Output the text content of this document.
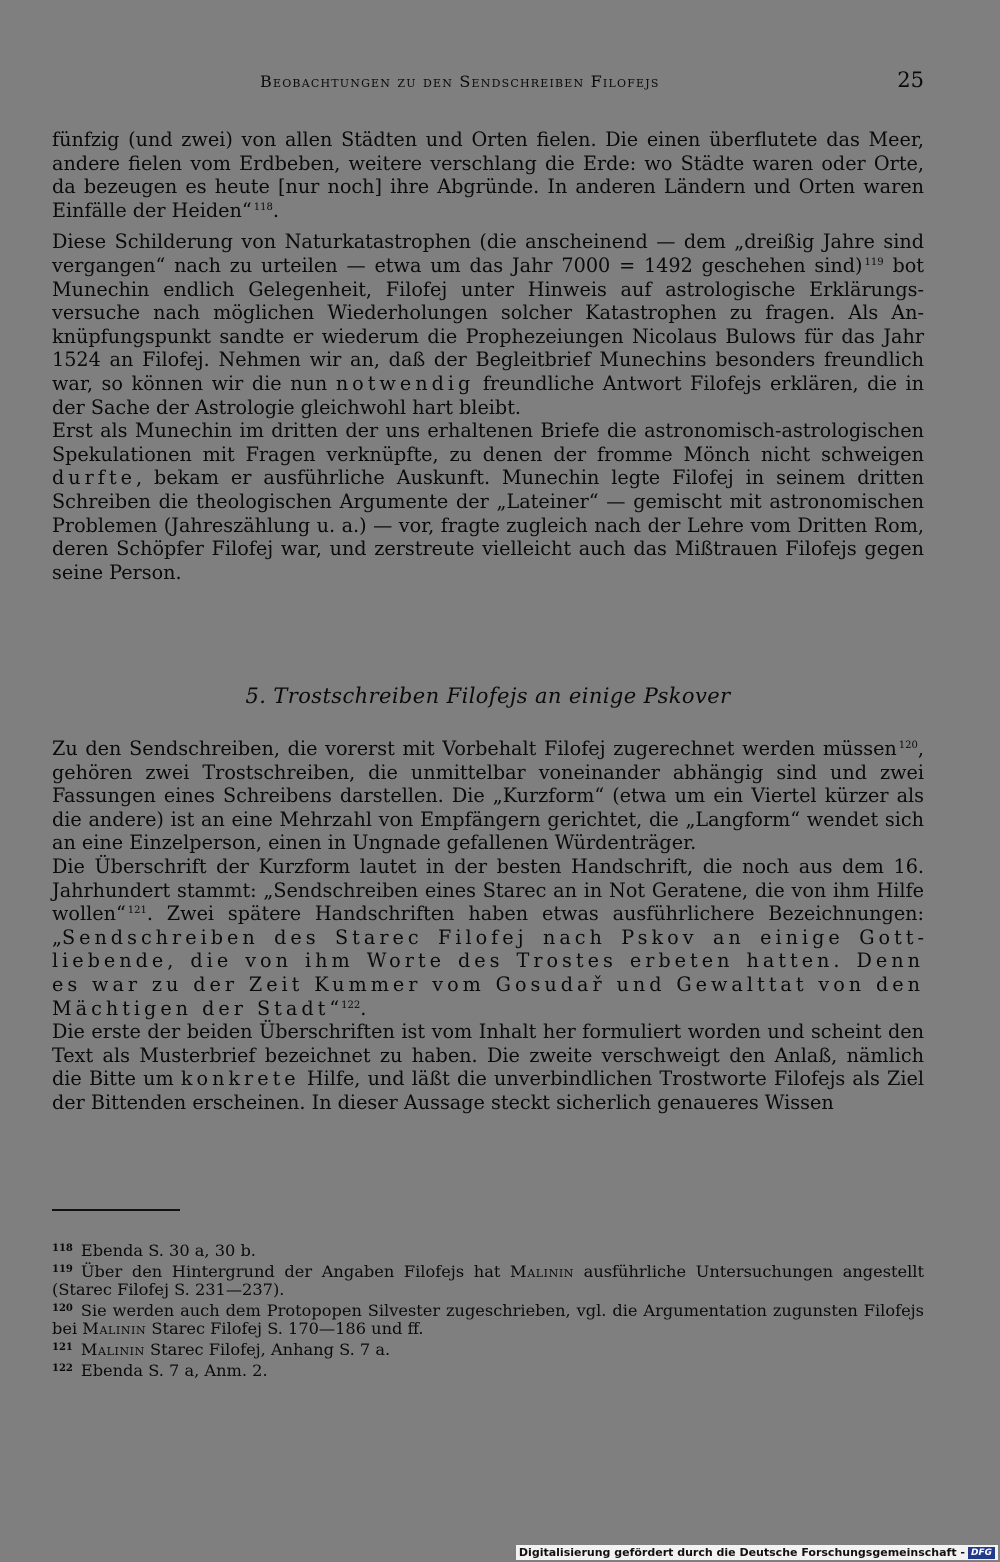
Beobachtungen zu den Sendschreiben Filofejs	25

fünfzig (und zwei) von allen Städten und Orten fielen. Die einen überflutete das Meer, andere fielen vom Erdbeben, weitere verschlang die Erde: wo Städte waren oder Orte, da bezeugen es heute [nur noch] ihre Abgründe. In anderen Ländern und Orten waren Einfälle der Heiden“ $^{118}$.

Diese Schilderung von Naturkatastrophen (die anscheinend — dem „dreißig Jahre sind vergangen“ nach zu urteilen — etwa um das Jahr 7000 = 1492 geschehen sind) $^{119}$ bot Munechin endlich Gelegenheit, Filofej unter Hinweis auf astrologische Erklärungsversuche nach möglichen Wiederholungen solcher Katastrophen zu fragen. Als Anknüpfungspunkt sandte er wiederum die Prophezeiungen Nicolaus Bulows für das Jahr 1524 an Filofej. Nehmen wir an, daß der Begleitbrief Munechins besonders freundlich war, so können wir die nun notwendig freundliche Antwort Filofejs erklären, die in der Sache der Astrologie gleichwohl hart bleibt.

Erst als Munechin im dritten der uns erhaltenen Briefe die astronomisch-astrologischen Spekulationen mit Fragen verknüpfte, zu denen der fromme Mönch nicht schweigen durfte, bekam er ausführliche Auskunft. Munechin legte Filofej in seinem dritten Schreiben die theologischen Argumente der „Lateiner“ — gemischt mit astronomischen Problemen (Jahreszählung u. a.) — vor, fragte zugleich nach der Lehre vom Dritten Rom, deren Schöpfer Filofej war, und zerstreute vielleicht auch das Mißtrauen Filofejs gegen seine Person.

5. Trostschreiben Filofejs an einige Pskover

Zu den Sendschreiben, die vorerst mit Vorbehalt Filofej zugerechnet werden müssen $^{120}$, gehören zwei Trostschreiben, die unmittelbar voneinander abhängig sind und zwei Fassungen eines Schreibens darstellen. Die „Kurzform“ (etwa um ein Viertel kürzer als die andere) ist an eine Mehrzahl von Empfängern gerichtet, die „Langform“ wendet sich an eine Einzelperson, einen in Ungnade gefallenen Würdenträger.

Die Überschrift der Kurzform lautet in der besten Handschrift, die noch aus dem 16. Jahrhundert stammt: „Sendschreiben eines Starec an in Not Geratene, die von ihm Hilfe wollen“ $^{121}$. Zwei spätere Handschriften haben etwas ausführlichere Bezeichnungen: „Sendschreiben des Starec Filofej nach Pskov an einige Gottliebende, die von ihm Worte des Trostes erbeten hatten. Denn es war zu der Zeit Kummer vom Gosudař und Gewalttat von den Mächtigen der Stadt“ $^{122}$.

Die erste der beiden Überschriften ist vom Inhalt her formuliert worden und scheint den Text als Musterbrief bezeichnet zu haben. Die zweite verschweigt den Anlaß, nämlich die Bitte um konkrete Hilfe, und läßt die unverbindlichen Trostworte Filofejs als Ziel der Bittenden erscheinen. In dieser Aussage steckt sicherlich genaueres Wissen

$^{118}$ Ebenda S. 30 a, 30 b.

$^{119}$ Über den Hintergrund der Angaben Filofejs hat Malinin ausführliche Untersuchungen angestellt (Starec Filofej S. 231—237).

$^{120}$ Sie werden auch dem Protopopen Silvester zugeschrieben, vgl. die Argumentation zugunsten Filofejs bei Malinin Starec Filofej S. 170—186 und ff.

$^{121}$ Malinin Starec Filofej, Anhang S. 7 a.

$^{122}$ Ebenda S. 7 a, Anm. 2.

Digitalisierung gefördert durch die Deutsche Forschungsgemeinschaft - DFG
